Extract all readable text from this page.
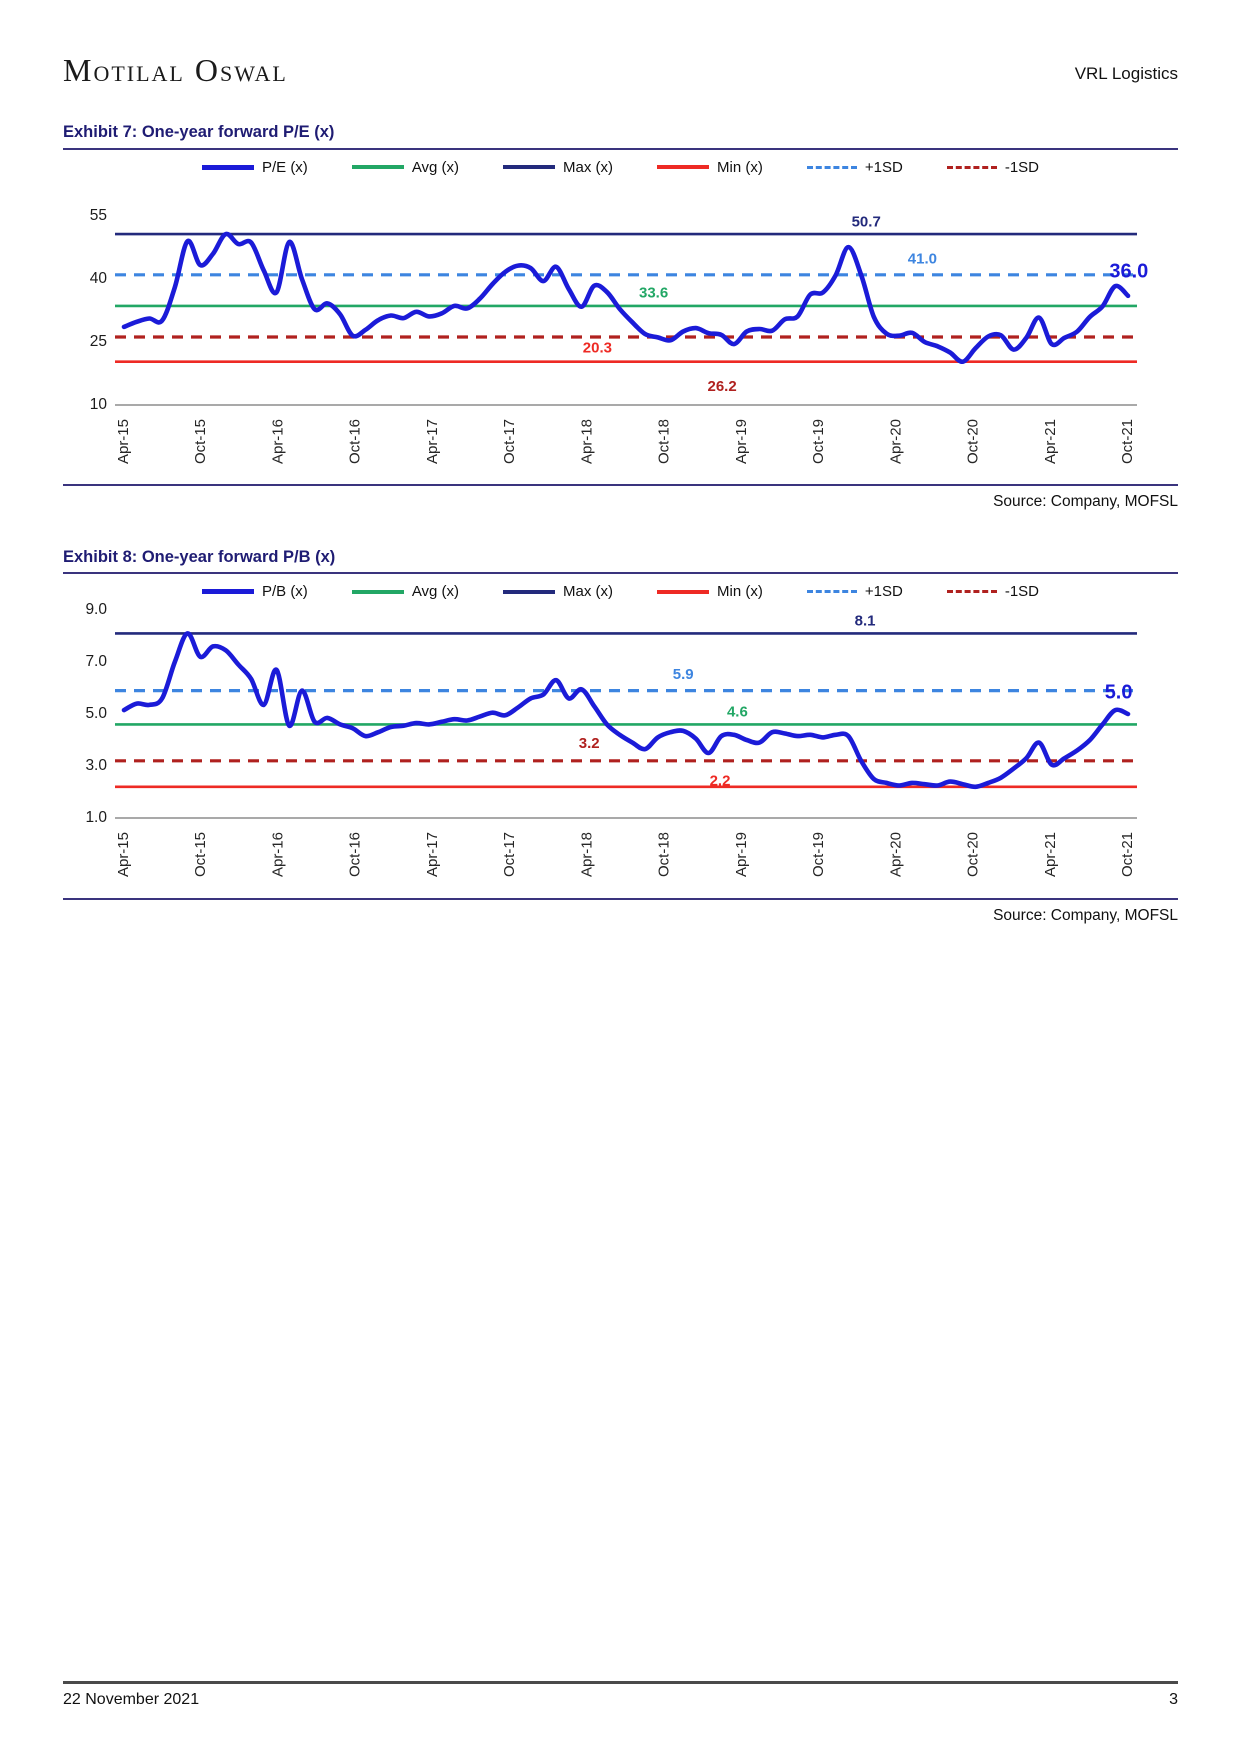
Motilal Oswal	VRL Logistics
Exhibit 7: One-year forward P/E (x)
P/E (x)	Avg (x)	Max (x)	Min (x)	+1SD	-1SD
55
40
25
10
Apr-15	Oct-15	Apr-16	Oct-16	Apr-17	Oct-17	Apr-18	Oct-18	Apr-19	Oct-19	Apr-20	Oct-20	Apr-21	Oct-21
50.7
41.0
33.6
20.3
26.2
36.0
Source: Company, MOFSL
Exhibit 8: One-year forward P/B (x)
P/B (x)	Avg (x)	Max (x)	Min (x)	+1SD	-1SD
9.0
7.0
5.0
3.0
1.0
Apr-15	Oct-15	Apr-16	Oct-16	Apr-17	Oct-17	Apr-18	Oct-18	Apr-19	Oct-19	Apr-20	Oct-20	Apr-21	Oct-21
8.1
5.9
4.6
3.2
2.2
5.0
Source: Company, MOFSL
22 November 2021	3
